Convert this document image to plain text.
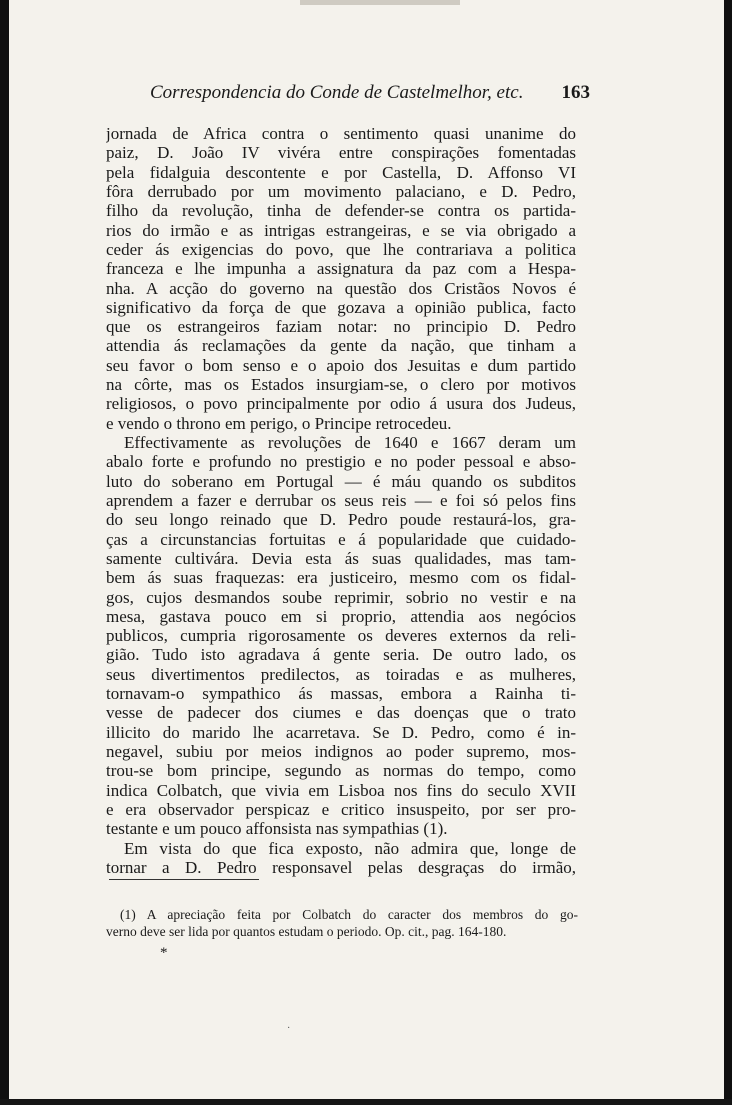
Correspondencia do Conde de Castelmelhor, etc. 163
jornada de Africa contra o sentimento quasi unanime do
paiz, D. João IV vivéra entre conspirações fomentadas
pela fidalguia descontente e por Castella, D. Affonso VI
fôra derrubado por um movimento palaciano, e D. Pedro,
filho da revolução, tinha de defender-se contra os partida-
rios do irmão e as intrigas estrangeiras, e se via obrigado a
ceder ás exigencias do povo, que lhe contrariava a politica
franceza e lhe impunha a assignatura da paz com a Hespa-
nha. A acção do governo na questão dos Cristãos Novos é
significativo da força de que gozava a opinião publica, facto
que os estrangeiros faziam notar: no principio D. Pedro
attendia ás reclamações da gente da nação, que tinham a
seu favor o bom senso e o apoio dos Jesuitas e dum partido
na côrte, mas os Estados insurgiam-se, o clero por motivos
religiosos, o povo principalmente por odio á usura dos Judeus,
e vendo o throno em perigo, o Principe retrocedeu.
Effectivamente as revoluções de 1640 e 1667 deram um
abalo forte e profundo no prestigio e no poder pessoal e abso-
luto do soberano em Portugal — é máu quando os subditos
aprendem a fazer e derrubar os seus reis — e foi só pelos fins
do seu longo reinado que D. Pedro poude restaurá-los, gra-
ças a circunstancias fortuitas e á popularidade que cuidado-
samente cultivára. Devia esta ás suas qualidades, mas tam-
bem ás suas fraquezas: era justiceiro, mesmo com os fidal-
gos, cujos desmandos soube reprimir, sobrio no vestir e na
mesa, gastava pouco em si proprio, attendia aos negócios
publicos, cumpria rigorosamente os deveres externos da reli-
gião. Tudo isto agradava á gente seria. De outro lado, os
seus divertimentos predilectos, as toiradas e as mulheres,
tornavam-o sympathico ás massas, embora a Rainha ti-
vesse de padecer dos ciumes e das doenças que o trato
illicito do marido lhe acarretava. Se D. Pedro, como é in-
negavel, subiu por meios indignos ao poder supremo, mos-
trou-se bom principe, segundo as normas do tempo, como
indica Colbatch, que vivia em Lisboa nos fins do seculo XVII
e era observador perspicaz e critico insuspeito, por ser pro-
testante e um pouco affonsista nas sympathias (1).
Em vista do que fica exposto, não admira que, longe de
tornar a D. Pedro responsavel pelas desgraças do irmão,
(1) A apreciação feita por Colbatch do caracter dos membros do go-
verno deve ser lida por quantos estudam o periodo. Op. cit., pag. 164-180.
*
·
